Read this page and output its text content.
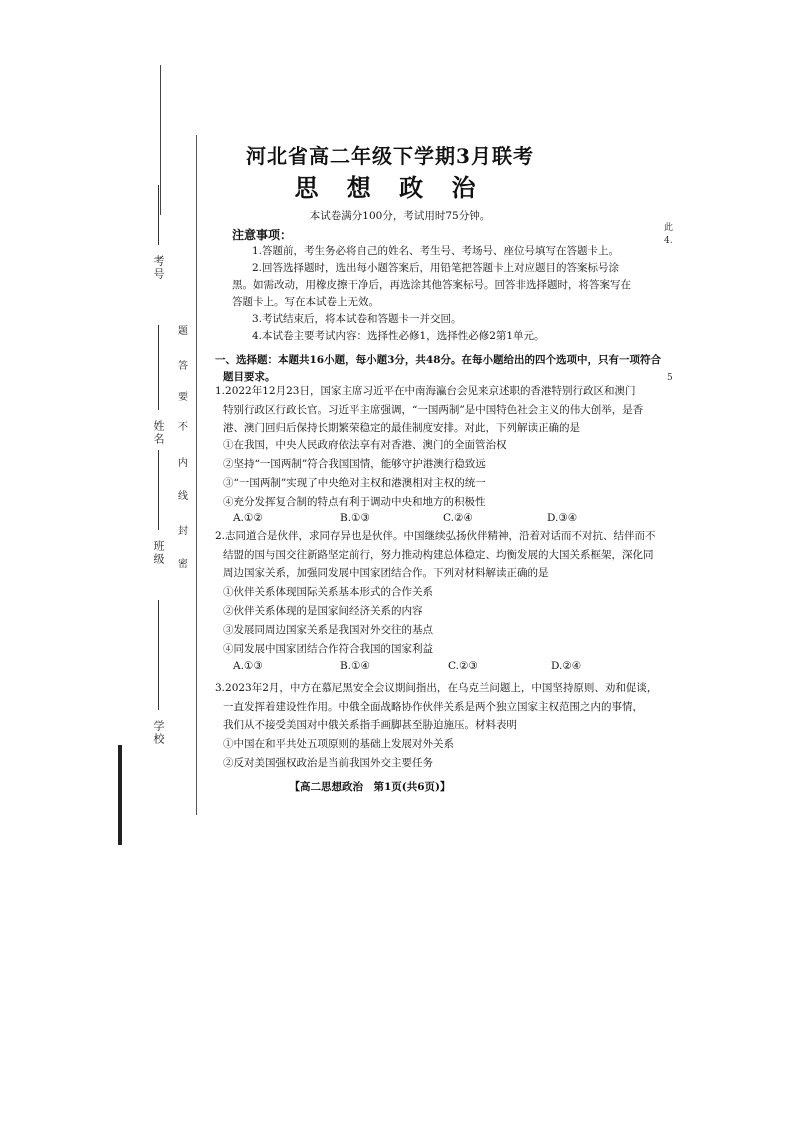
考号
姓名
班级
学校
题
答
要
不
内
线
封
密
此
4.
5
河北省高二年级下学期3月联考
思 想 政 治
本试卷满分100分，考试用时75分钟。
注意事项：
1.答题前，考生务必将自己的姓名、考生号、考场号、座位号填写在答题卡上。
2.回答选择题时，选出每小题答案后，用铅笔把答题卡上对应题目的答案标号涂
黑。如需改动，用橡皮擦干净后，再选涂其他答案标号。回答非选择题时，将答案写在
答题卡上。写在本试卷上无效。
3.考试结束后，将本试卷和答题卡一并交回。
4.本试卷主要考试内容：选择性必修1，选择性必修2第1单元。
一、选择题：本题共16小题，每小题3分，共48分。在每小题给出的四个选项中，只有一项符合
题目要求。
1.2022年12月23日，国家主席习近平在中南海瀛台会见来京述职的香港特别行政区和澳门
特别行政区行政长官。习近平主席强调，“一国两制”是中国特色社会主义的伟大创举，是香
港、澳门回归后保持长期繁荣稳定的最佳制度安排。对此，下列解读正确的是
①在我国，中央人民政府依法享有对香港、澳门的全面管治权
②坚持“一国两制”符合我国国情，能够守护港澳行稳致远
③“一国两制”实现了中央绝对主权和港澳相对主权的统一
④充分发挥复合制的特点有利于调动中央和地方的积极性
A.①②	B.①③	C.②④	D.③④
2.志同道合是伙伴，求同存异也是伙伴。中国继续弘扬伙伴精神，沿着对话而不对抗、结伴而不
结盟的国与国交往新路坚定前行，努力推动构建总体稳定、均衡发展的大国关系框架，深化同
周边国家关系，加强同发展中国家团结合作。下列对材料解读正确的是
①伙伴关系体现国际关系基本形式的合作关系
②伙伴关系体现的是国家间经济关系的内容
③发展同周边国家关系是我国对外交往的基点
④同发展中国家团结合作符合我国的国家利益
A.①③	B.①④	C.②③	D.②④
3.2023年2月，中方在慕尼黑安全会议期间指出，在乌克兰问题上，中国坚持原则、劝和促谈，
一直发挥着建设性作用。中俄全面战略协作伙伴关系是两个独立国家主权范围之内的事情，
我们从不接受美国对中俄关系指手画脚甚至胁迫施压。材料表明
①中国在和平共处五项原则的基础上发展对外关系
②反对美国强权政治是当前我国外交主要任务
【高二思想政治　第1页(共6页)】
